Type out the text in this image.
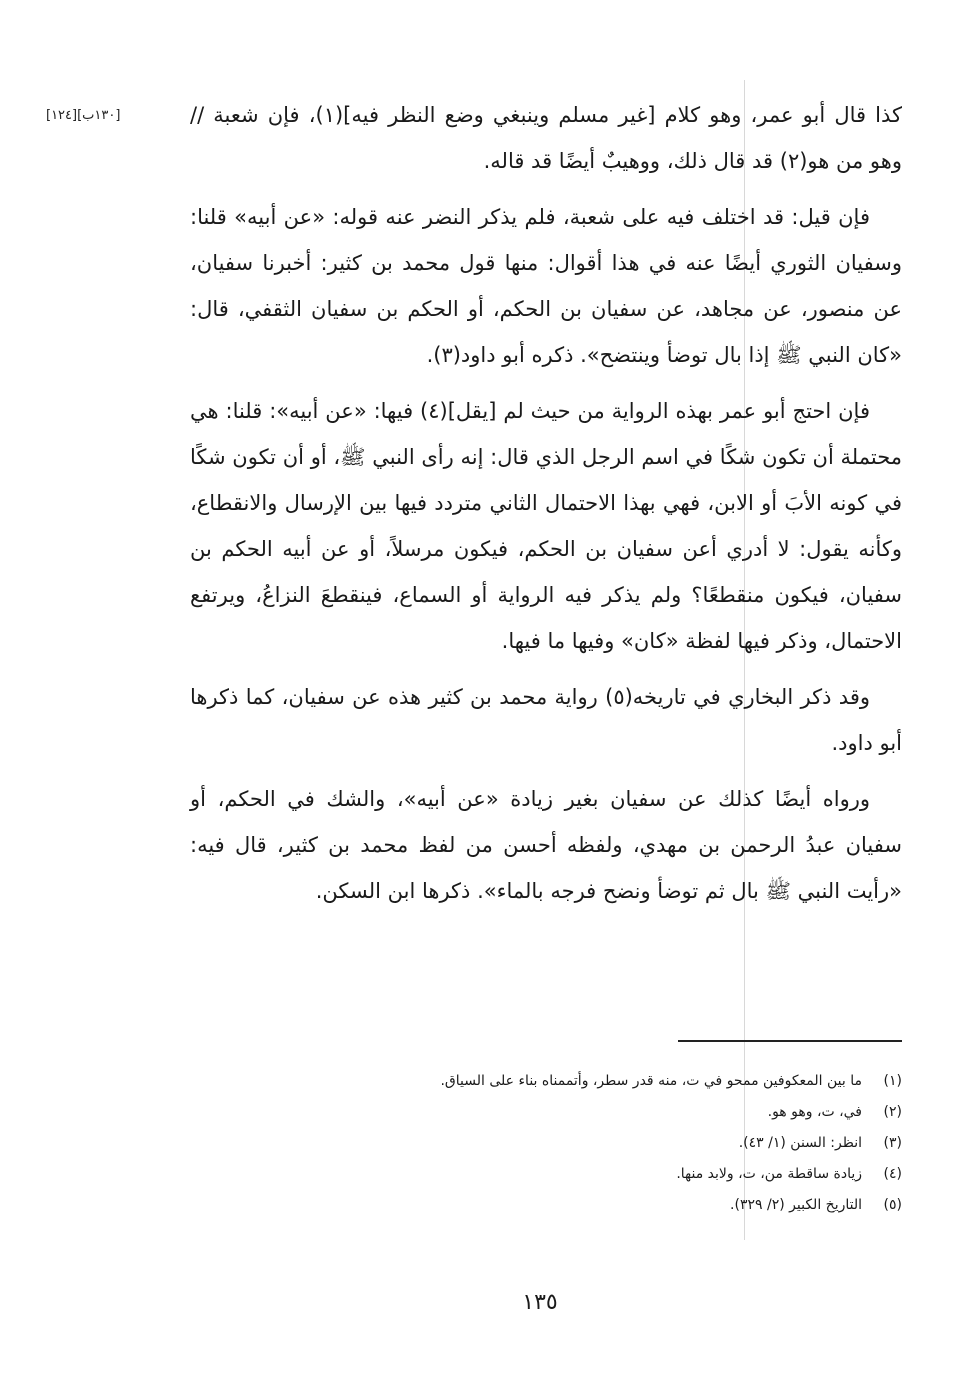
[١٣٠ب][١٢٤]	كذا قال أبو عمر، وهو كلام [غير مسلم وينبغي وضع النظر فيه](١)، فإن شعبة // وهو من هو(٢) قد قال ذلك، ووهيبٌ أيضًا قد قاله.

فإن قيل: قد اختلف فيه على شعبة، فلم يذكر النضر عنه قوله: «عن أبيه» قلنا: وسفيان الثوري أيضًا عنه في هذا أقوال: منها قول محمد بن كثير: أخبرنا سفيان، عن منصور، عن مجاهد، عن سفيان بن الحكم، أو الحكم بن سفيان الثقفي، قال: «كان النبي ﷺ إذا بال توضأ وينتضح». ذكره أبو داود(٣).

فإن احتج أبو عمر بهذه الرواية من حيث لم [يقل](٤) فيها: «عن أبيه»: قلنا: هي محتملة أن تكون شكًا في اسم الرجل الذي قال: إنه رأى النبي ﷺ، أو أن تكون شكًا في كونه الأبَ أو الابن، فهي بهذا الاحتمال الثاني متردد فيها بين الإرسال والانقطاع، وكأنه يقول: لا أدري أعن سفيان بن الحكم، فيكون مرسلاً، أو عن أبيه الحكم بن سفيان، فيكون منقطعًا؟ ولم يذكر فيه الرواية أو السماع، فينقطعَ النزاعُ، ويرتفع الاحتمال، وذكر فيها لفظة «كان» وفيها ما فيها.

وقد ذكر البخاري في تاريخه(٥) رواية محمد بن كثير هذه عن سفيان، كما ذكرها أبو داود.

ورواه أيضًا كذلك عن سفيان بغير زيادة «عن أبيه»، والشك في الحكم، أو سفيان عبدُ الرحمن بن مهدي، ولفظه أحسن من لفظ محمد بن كثير، قال فيه: «رأيت النبي ﷺ بال ثم توضأ ونضح فرجه بالماء». ذكرها ابن السكن.

(١)
ما بين المعكوفين ممحو في ت، منه قدر سطر، وأتممناه بناء على السياق.
(٢)
في، ت، وهو هو.
(٣)
انظر: السنن (١/ ٤٣).
(٤)
زيادة ساقطة من، ت، ولابد منها.
(٥)
التاريخ الكبير (٢/ ٣٢٩).
١٣٥
